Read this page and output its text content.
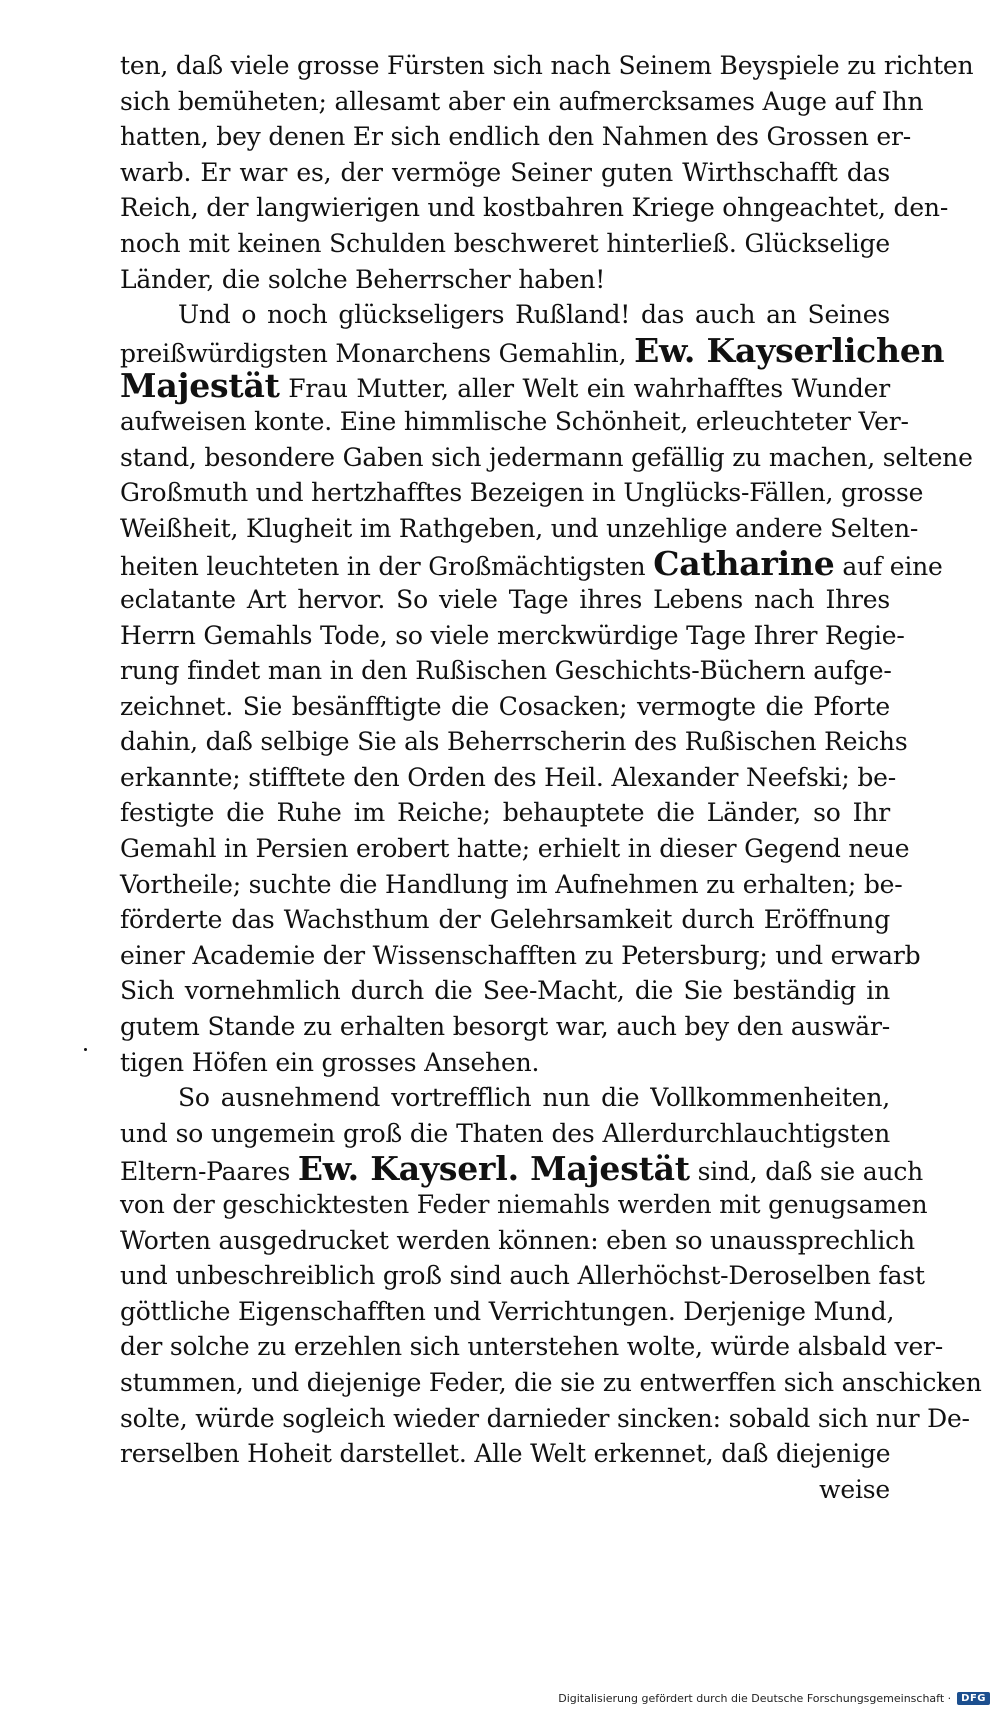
ten, daß viele grosse Fürsten sich nach Seinem Beyspiele zu richten
sich bemüheten; allesamt aber ein aufmercksames Auge auf Ihn
hatten, bey denen Er sich endlich den Nahmen des Grossen er-
warb. Er war es, der vermöge Seiner guten Wirthschafft das
Reich, der langwierigen und kostbahren Kriege ohngeachtet, den-
noch mit keinen Schulden beschweret hinterließ. Glückselige
Länder, die solche Beherrscher haben!
Und o noch glückseligers Rußland! das auch an Seines
preißwürdigsten Monarchens Gemahlin, Ew. Kayserlichen
Majestät Frau Mutter, aller Welt ein wahrhafftes Wunder
aufweisen konte. Eine himmlische Schönheit, erleuchteter Ver-
stand, besondere Gaben sich jedermann gefällig zu machen, seltene
Großmuth und hertzhafftes Bezeigen in Unglücks-Fällen, grosse
Weißheit, Klugheit im Rathgeben, und unzehlige andere Selten-
heiten leuchteten in der Großmächtigsten Catharine auf eine
eclatante Art hervor. So viele Tage ihres Lebens nach Ihres
Herrn Gemahls Tode, so viele merckwürdige Tage Ihrer Regie-
rung findet man in den Rußischen Geschichts-Büchern aufge-
zeichnet. Sie besänfftigte die Cosacken; vermogte die Pforte
dahin, daß selbige Sie als Beherrscherin des Rußischen Reichs
erkannte; stifftete den Orden des Heil. Alexander Neefski; be-
festigte die Ruhe im Reiche; behauptete die Länder, so Ihr
Gemahl in Persien erobert hatte; erhielt in dieser Gegend neue
Vortheile; suchte die Handlung im Aufnehmen zu erhalten; be-
förderte das Wachsthum der Gelehrsamkeit durch Eröffnung
einer Academie der Wissenschafften zu Petersburg; und erwarb
Sich vornehmlich durch die See-Macht, die Sie beständig in
gutem Stande zu erhalten besorgt war, auch bey den auswär-
tigen Höfen ein grosses Ansehen.
So ausnehmend vortrefflich nun die Vollkommenheiten,
und so ungemein groß die Thaten des Allerdurchlauchtigsten
Eltern-Paares Ew. Kayserl. Majestät sind, daß sie auch
von der geschicktesten Feder niemahls werden mit genugsamen
Worten ausgedrucket werden können: eben so unaussprechlich
und unbeschreiblich groß sind auch Allerhöchst-Deroselben fast
göttliche Eigenschafften und Verrichtungen. Derjenige Mund,
der solche zu erzehlen sich unterstehen wolte, würde alsbald ver-
stummen, und diejenige Feder, die sie zu entwerffen sich anschicken
solte, würde sogleich wieder darnieder sincken: sobald sich nur De-
rerselben Hoheit darstellet. Alle Welt erkennet, daß diejenige
weise
Digitalisierung gefördert durch die Deutsche Forschungsgemeinschaft ·	DFG
